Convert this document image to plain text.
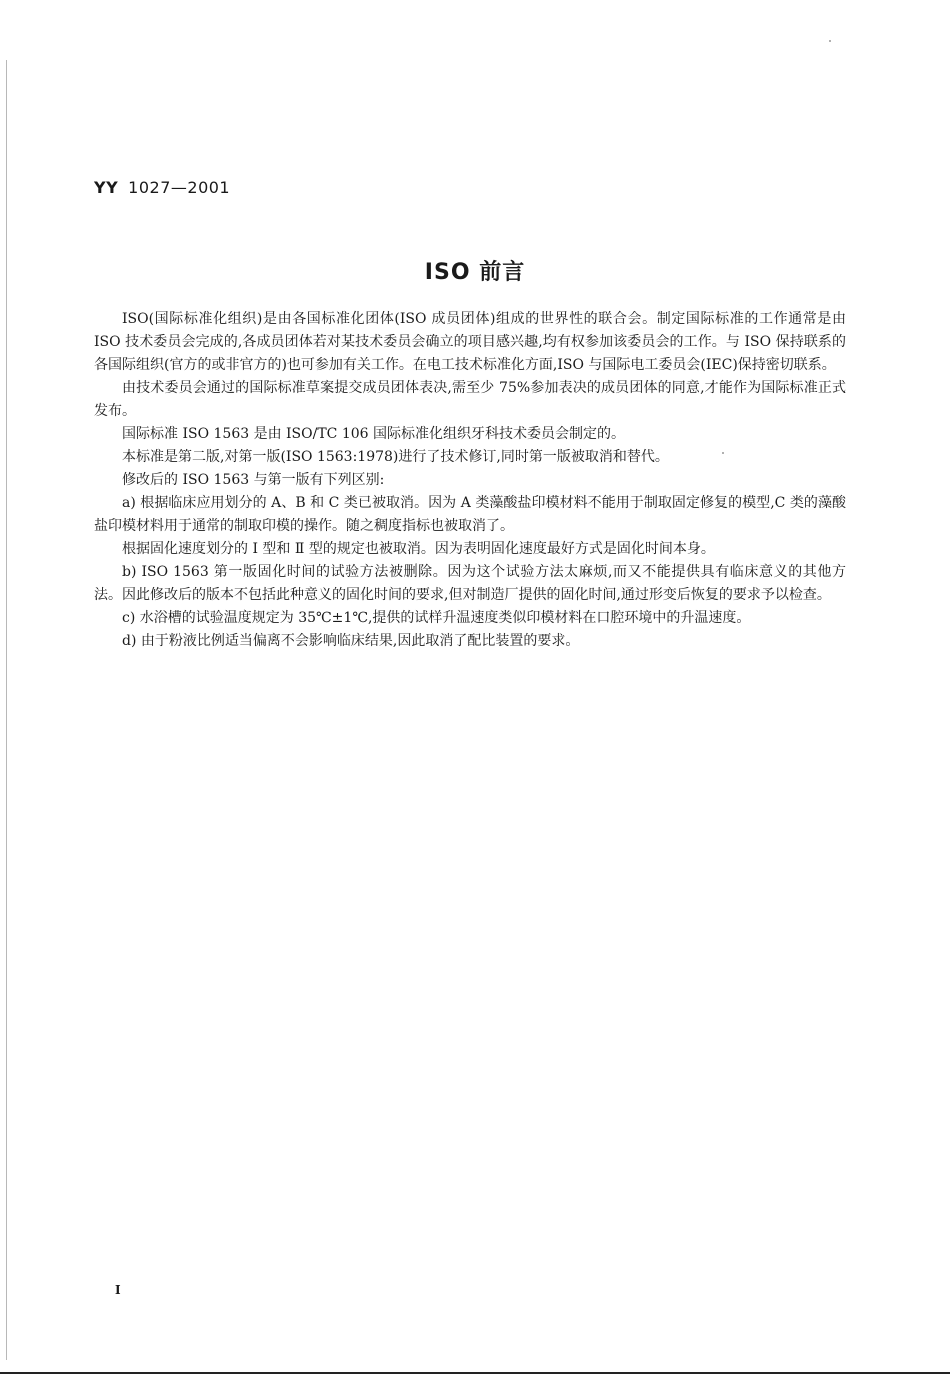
YY 1027—2001
ISO 前言

ISO(国际标准化组织)是由各国标准化团体(ISO 成员团体)组成的世界性的联合会。制定国际标准的工作通常是由 ISO 技术委员会完成的,各成员团体若对某技术委员会确立的项目感兴趣,均有权参加该委员会的工作。与 ISO 保持联系的各国际组织(官方的或非官方的)也可参加有关工作。在电工技术标准化方面,ISO 与国际电工委员会(IEC)保持密切联系。

由技术委员会通过的国际标准草案提交成员团体表决,需至少 75%参加表决的成员团体的同意,才能作为国际标准正式发布。

国际标准 ISO 1563 是由 ISO/TC 106 国际标准化组织牙科技术委员会制定的。

本标准是第二版,对第一版(ISO 1563:1978)进行了技术修订,同时第一版被取消和替代。

修改后的 ISO 1563 与第一版有下列区别:

a) 根据临床应用划分的 A、B 和 C 类已被取消。因为 A 类藻酸盐印模材料不能用于制取固定修复的模型,C 类的藻酸盐印模材料用于通常的制取印模的操作。随之稠度指标也被取消了。

根据固化速度划分的 Ⅰ 型和 Ⅱ 型的规定也被取消。因为表明固化速度最好方式是固化时间本身。

b) ISO 1563 第一版固化时间的试验方法被删除。因为这个试验方法太麻烦,而又不能提供具有临床意义的其他方法。因此修改后的版本不包括此种意义的固化时间的要求,但对制造厂提供的固化时间,通过形变后恢复的要求予以检查。

c) 水浴槽的试验温度规定为 35℃±1℃,提供的试样升温速度类似印模材料在口腔环境中的升温速度。

d) 由于粉液比例适当偏离不会影响临床结果,因此取消了配比装置的要求。

Ⅰ
